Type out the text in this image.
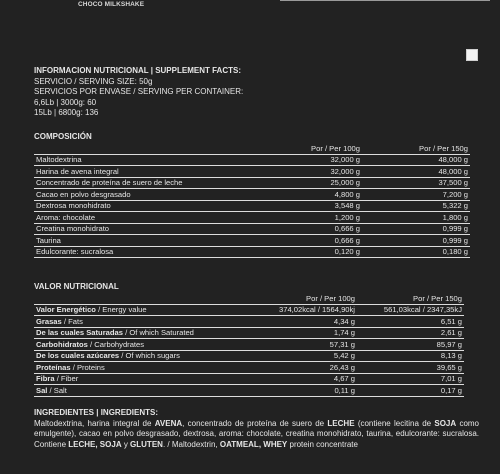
CHOCO MILKSHAKE
INFORMACION NUTRICIONAL | SUPPLEMENT FACTS:
SERVICIO / SERVING SIZE: 50g
SERVICIOS POR ENVASE / SERVING PER CONTAINER:
6,6Lb | 3000g: 60
15Lb | 6800g: 136
COMPOSICIÓN
	Por / Per 100g	Por / Per 150g
Maltodextrina	32,000 g	48,000 g
Harina de avena integral	32,000 g	48,000 g
Concentrado de proteína de suero de leche	25,000 g	37,500 g
Cacao en polvo desgrasado	4,800 g	7,200 g
Dextrosa monohidrato	3,548 g	5,322 g
Aroma: chocolate	1,200 g	1,800 g
Creatina monohidrato	0,666 g	0,999 g
Taurina	0,666 g	0,999 g
Edulcorante: sucralosa	0,120 g	0,180 g
VALOR NUTRICIONAL
	Por / Per 100g	Por / Per 150g
Valor Energético / Energy value	374,02kcal / 1564,90kj	561,03kcal / 2347,35kJ
Grasas / Fats	4,34 g	6,51 g
De las cuales Saturadas / Of which Saturated	1,74 g	2,61 g
Carbohidratos / Carbohydrates	57,31 g	85,97 g
De los cuales azúcares / Of which sugars	5,42 g	8,13 g
Proteínas / Proteins	26,43 g	39,65 g
Fibra / Fiber	4,67 g	7,01 g
Sal / Salt	0,11 g	0,17 g
INGREDIENTES | INGREDIENTS:
Maltodextrina, harina integral de AVENA, concentrado de proteína de suero de LECHE (contiene lecitina de SOJA como emulgente), cacao en polvo desgrasado, dextrosa, aroma: chocolate, creatina monohidrato, taurina, edulcorante: sucralosa. Contiene LECHE, SOJA y GLUTEN. / Maltodextrin, OATMEAL, WHEY protein concentrate
